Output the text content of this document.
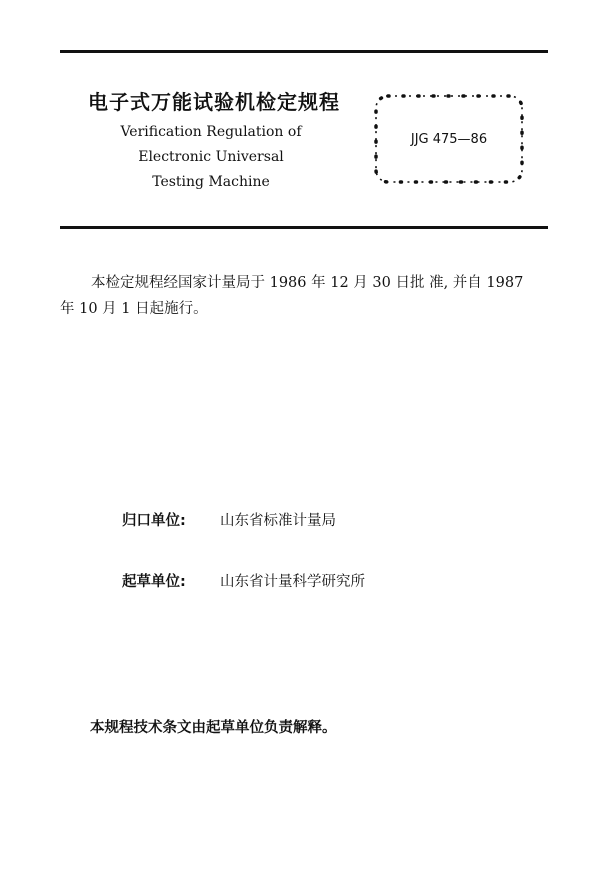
电子式万能试验机检定规程
Verification Regulation of
Electronic Universal
Testing Machine
JJG 475—86
本检定规程经国家计量局于 1986 年 12 月 30 日批 准, 并自 1987
年 10 月 1 日起施行。
归口单位: 山东省标准计量局
起草单位: 山东省计量科学研究所
本规程技术条文由起草单位负责解释。
